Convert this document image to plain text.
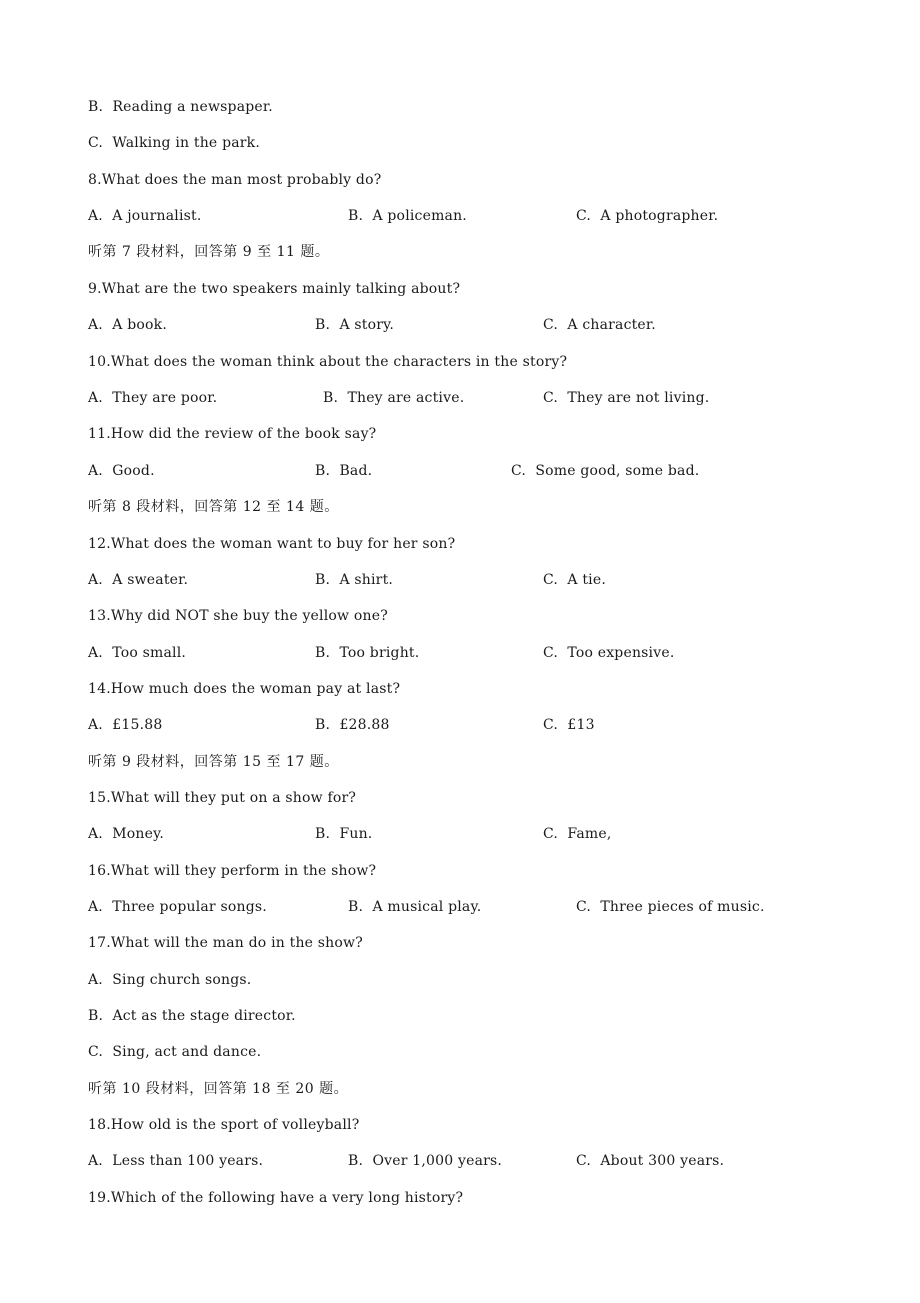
B.  Reading a newspaper.
C.  Walking in the park.
8.What does the man most probably do?

A.  A journalist.

	B.  A policeman.

	C.  A photographer.

听第 7 段材料，回答第 9 至 11 题。
9.What are the two speakers mainly talking about?

A.  A book.

	B.  A story.

	C.  A character.

10.What does the woman think about the characters in the story?

A.  They are poor.

	B.  They are active.

	C.  They are not living.

11.How did the review of the book say?

A.  Good.

	B.  Bad.

	C.  Some good, some bad.

听第 8 段材料，回答第 12 至 14 题。
12.What does the woman want to buy for her son?

A.  A sweater.

	B.  A shirt.

	C.  A tie.

13.Why did NOT she buy the yellow one?

A.  Too small.

	B.  Too bright.

	C.  Too expensive.

14.How much does the woman pay at last?

A.  £15.88

	B.  £28.88

	C.  £13

听第 9 段材料，回答第 15 至 17 题。
15.What will they put on a show for?

A.  Money.

	B.  Fun.

	C.  Fame,

16.What will they perform in the show?

A.  Three popular songs.

	B.  A musical play.

	C.  Three pieces of music.

17.What will the man do in the show?
A.  Sing church songs.
B.  Act as the stage director.
C.  Sing, act and dance.
听第 10 段材料，回答第 18 至 20 题。
18.How old is the sport of volleyball?

A.  Less than 100 years.

	B.  Over 1,000 years.

	C.  About 300 years.

19.Which of the following have a very long history?
